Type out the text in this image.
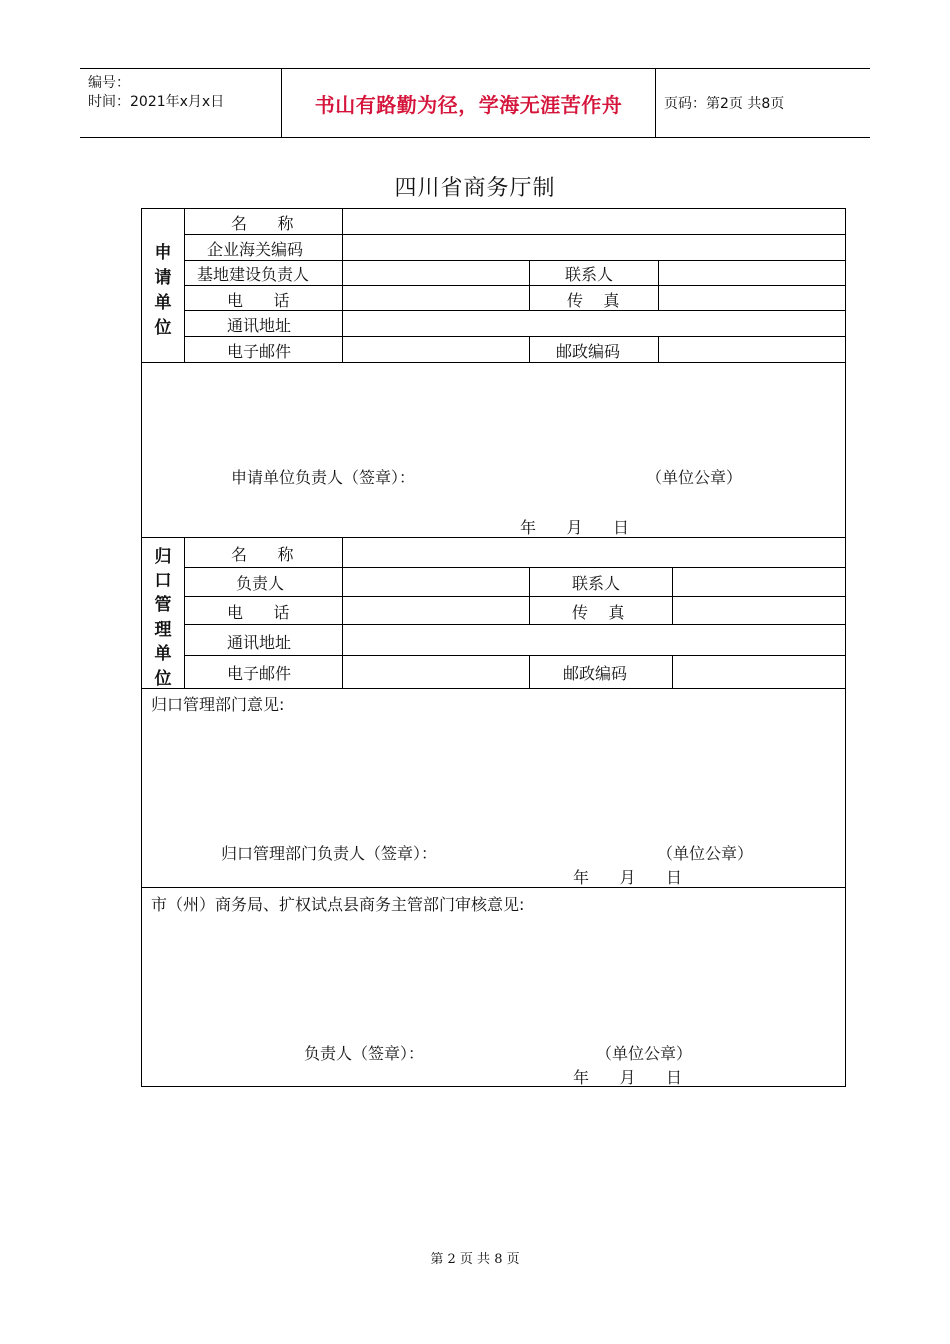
编号：
时间：2021年x月x日	书山有路勤为径，学海无涯苦作舟	页码：第2页 共8页
四川省商务厅制
申
请
单
位
名      称
企业海关编码
基地建设负责人	联系人
电      话	传    真
通讯地址
电子邮件	邮政编码
申请单位负责人（签章）：	（单位公章）
年      月      日
归
口
管
理
单
位
名      称
负责人	联系人
电      话	传    真
通讯地址
电子邮件	邮政编码
归口管理部门意见:
归口管理部门负责人（签章）：	（单位公章）
年      月      日
市（州）商务局、扩权试点县商务主管部门审核意见:
负责人（签章）：	（单位公章）
年      月      日
第 2 页 共 8 页
